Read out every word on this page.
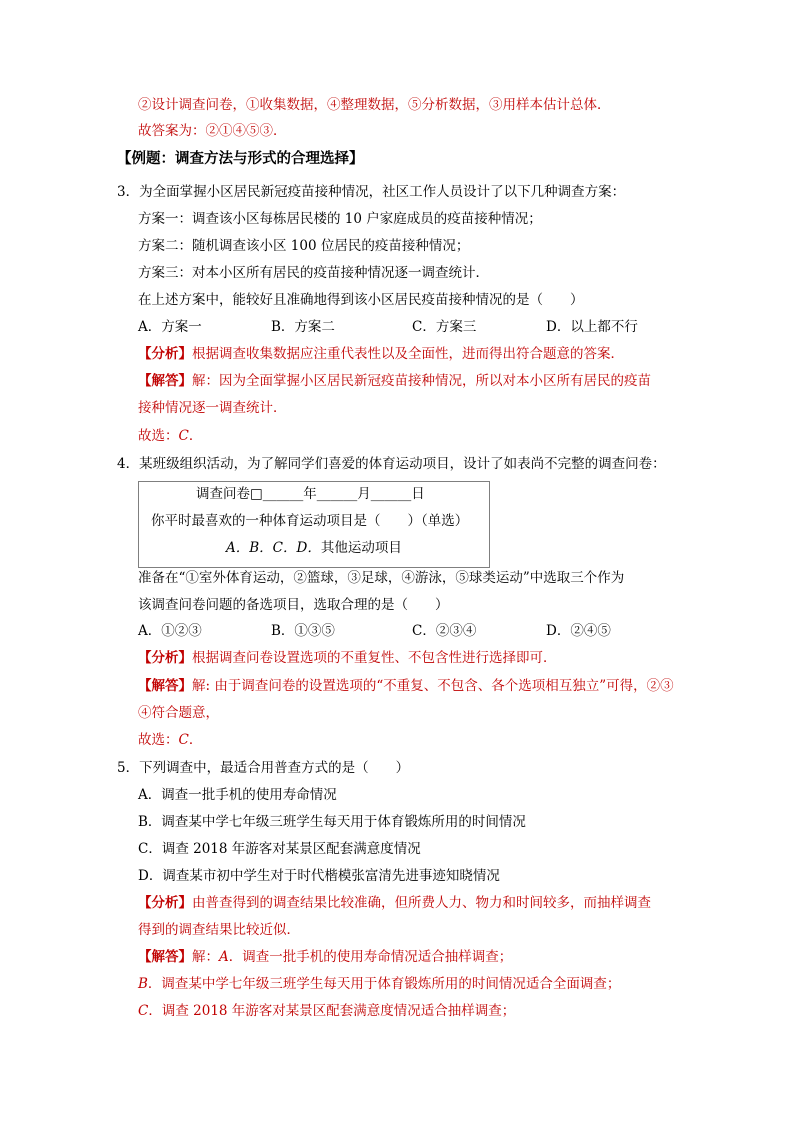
②设计调查问卷，①收集数据，④整理数据，⑤分析数据，③用样本估计总体．
故答案为：②①④⑤③．
【例题：调查方法与形式的合理选择】
3．为全面掌握小区居民新冠疫苗接种情况，社区工作人员设计了以下几种调查方案：
方案一：调查该小区每栋居民楼的 10 户家庭成员的疫苗接种情况；
方案二：随机调查该小区 100 位居民的疫苗接种情况；
方案三：对本小区所有居民的疫苗接种情况逐一调查统计．
在上述方案中，能较好且准确地得到该小区居民疫苗接种情况的是（　　）
A．方案一	B．方案二	C．方案三	D．以上都不行
【分析】根据调查收集数据应注重代表性以及全面性，进而得出符合题意的答案．
【解答】解：因为全面掌握小区居民新冠疫苗接种情况，所以对本小区所有居民的疫苗
接种情况逐一调查统计．
故选：C．
4．某班级组织活动，为了解同学们喜爱的体育运动项目，设计了如表尚不完整的调查问卷：
调查问卷□______年______月______日
你平时最喜欢的一种体育运动项目是（　　）（单选）
A．B．C．D．其他运动项目
准备在“①室外体育运动，②篮球，③足球，④游泳，⑤球类运动”中选取三个作为
该调查问卷问题的备选项目，选取合理的是（　　）
A．①②③	B．①③⑤	C．②③④	D．②④⑤
【分析】根据调查问卷设置选项的不重复性、不包含性进行选择即可．
【解答】解: 由于调查问卷的设置选项的“不重复、不包含、各个选项相互独立”可得，②③
④符合题意，
故选：C．
5．下列调查中，最适合用普查方式的是（　　）
A．调查一批手机的使用寿命情况
B．调查某中学七年级三班学生每天用于体育锻炼所用的时间情况
C．调查 2018 年游客对某景区配套满意度情况
D．调查某市初中学生对于时代楷模张富清先进事迹知晓情况
【分析】由普查得到的调查结果比较准确，但所费人力、物力和时间较多，而抽样调查
得到的调查结果比较近似．
【解答】解：A．调查一批手机的使用寿命情况适合抽样调查；
B．调查某中学七年级三班学生每天用于体育锻炼所用的时间情况适合全面调查；
C．调查 2018 年游客对某景区配套满意度情况适合抽样调查；
